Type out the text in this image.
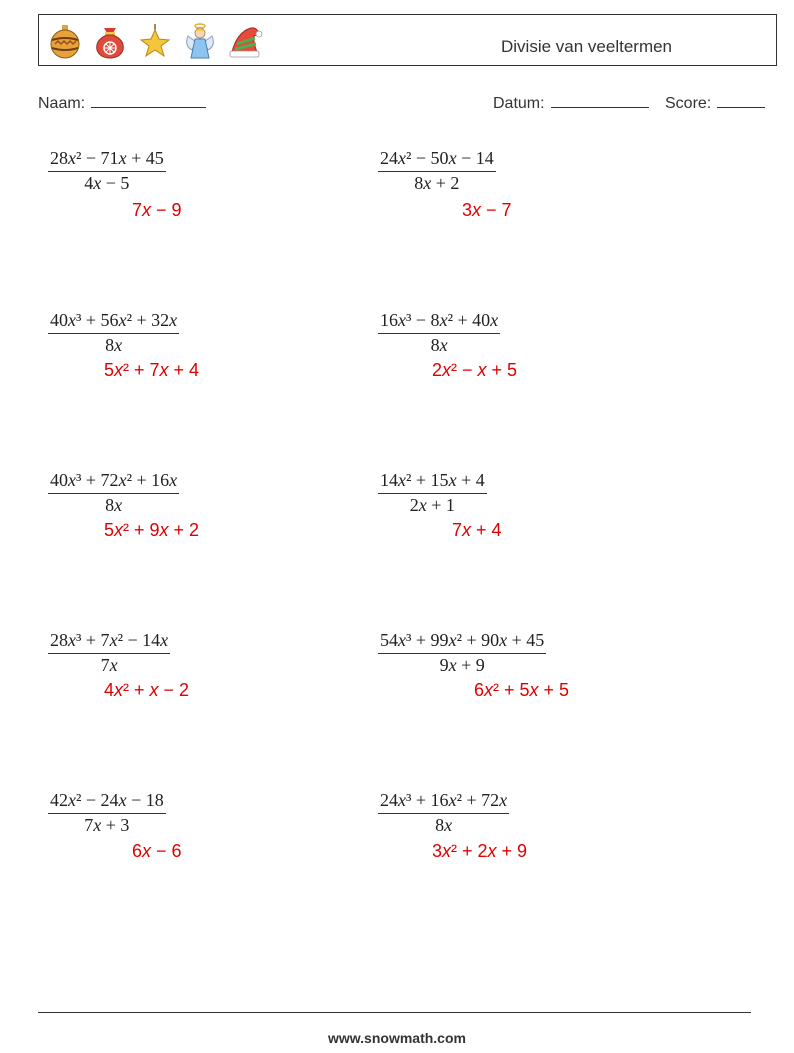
Divisie van veeltermen
Naam:	Datum:	Score:
$\frac{\text{28x² − 71x + 45}}{4x - 5}$
7x − 9
$\frac{\text{24x² − 50x − 14}}{8x + 2}$
3x − 7
$\frac{\text{40x³ + 56x² + 32x}}{8x}$
5x² + 7x + 4
$\frac{\text{16x³ − 8x² + 40x}}{8x}$
2x² − x + 5
$\frac{\text{40x³ + 72x² + 16x}}{8x}$
5x² + 9x + 2
$\frac{\text{14x² + 15x + 4}}{2x + 1}$
7x + 4
$\frac{\text{28x³ + 7x² − 14x}}{7x}$
4x² + x − 2
$\frac{\text{54x³ + 99x² + 90x + 45}}{9x + 9}$
6x² + 5x + 5
$\frac{\text{42x² − 24x − 18}}{7x + 3}$
6x − 6
$\frac{\text{24x³ + 16x² + 72x}}{8x}$
3x² + 2x + 9
www.snowmath.com
